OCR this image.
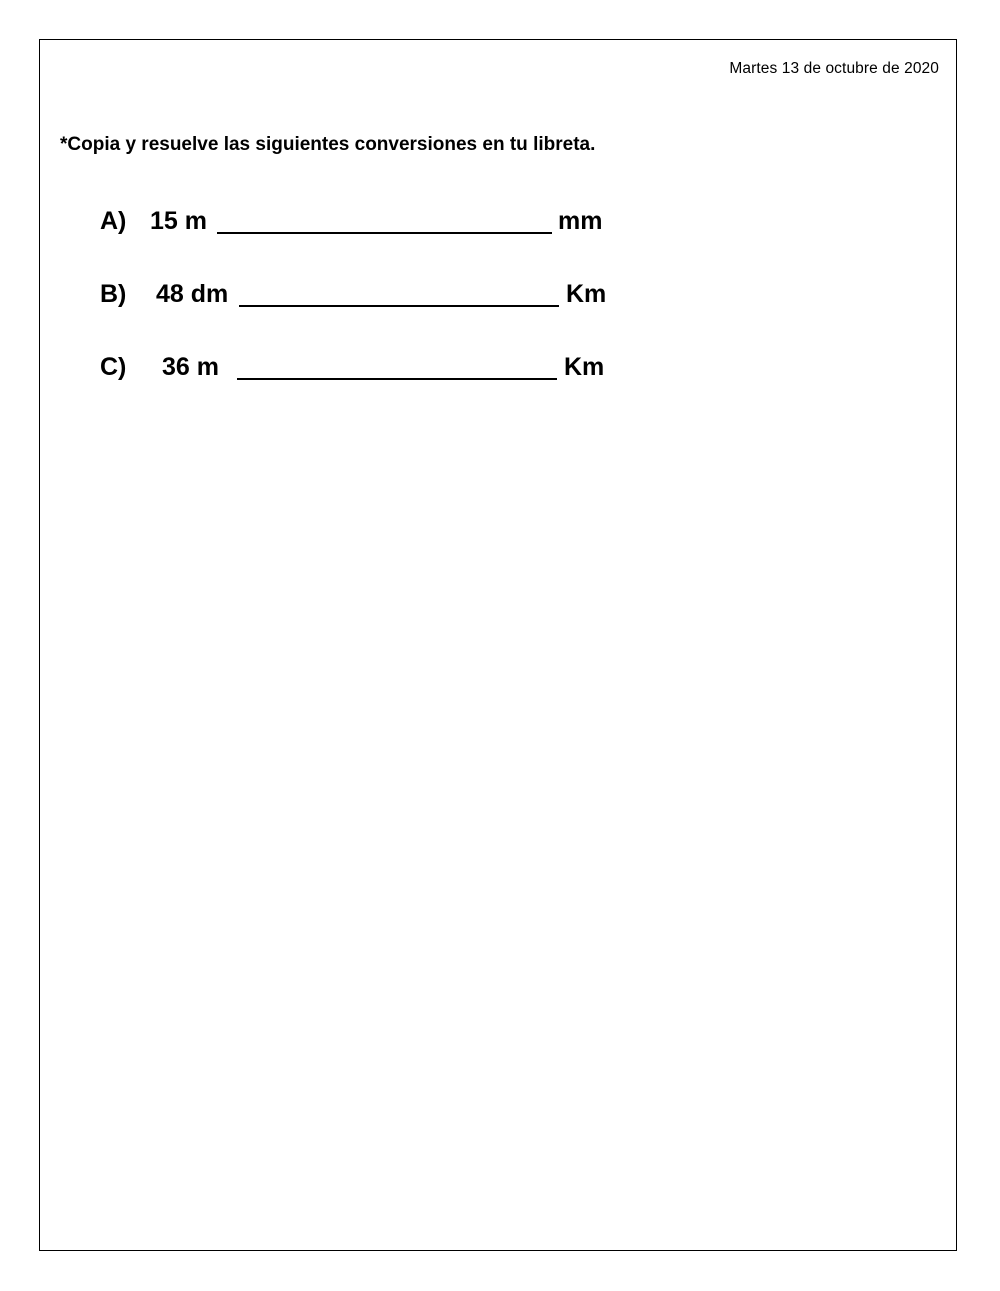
Martes 13 de octubre de 2020
*Copia y resuelve las siguientes conversiones en tu libreta.
A) 15 m	mm
B) 48 dm	Km
C) 36 m	Km
